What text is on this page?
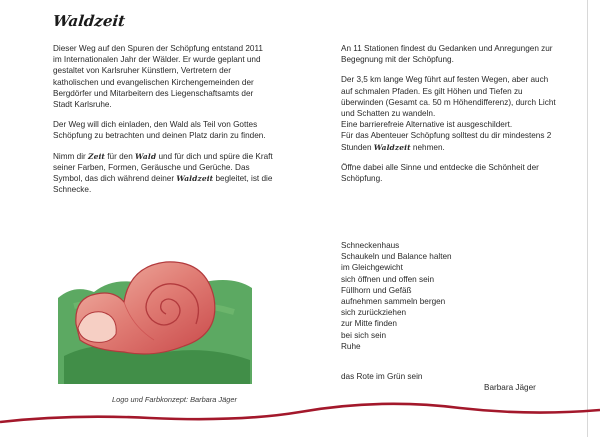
Waldzeit

Dieser Weg auf den Spuren der Schöpfung entstand 2011 im Internationalen Jahr der Wälder. Er wurde geplant und gestaltet von Karlsruher Künstlern, Vertretern der katholischen und evangelischen Kirchengemeinden der Bergdörfer und Mitarbeitern des Liegenschaftsamts der Stadt Karlsruhe.

Der Weg will dich einladen, den Wald als Teil von Gottes Schöpfung zu betrachten und deinen Platz darin zu finden.

Nimm dir Zeit für den Wald und für dich und spüre die Kraft seiner Farben, Formen, Geräusche und Gerüche. Das Symbol, das dich während deiner Waldzeit begleitet, ist die Schnecke.

An 11 Stationen findest du Gedanken und Anregungen zur Begegnung mit der Schöpfung.

Der 3,5 km lange Weg führt auf festen Wegen, aber auch auf schmalen Pfaden. Es gilt Höhen und Tiefen zu überwinden (Gesamt ca. 50 m Höhendifferenz), durch Licht und Schatten zu wandeln.
Eine barrierefreie Alternative ist ausgeschildert.
Für das Abenteuer Schöpfung solltest du dir mindestens 2 Stunden Waldzeit nehmen.

Öffne dabei alle Sinne und entdecke die Schönheit der Schöpfung.

Schneckenhaus
Schaukeln und Balance halten
im Gleichgewicht
sich öffnen und offen sein
Füllhorn und Gefäß
aufnehmen sammeln bergen
sich zurückziehen
zur Mitte finden
bei sich sein
Ruhe
das Rote im Grün sein
Barbara Jäger
Logo und Farbkonzept: Barbara Jäger
